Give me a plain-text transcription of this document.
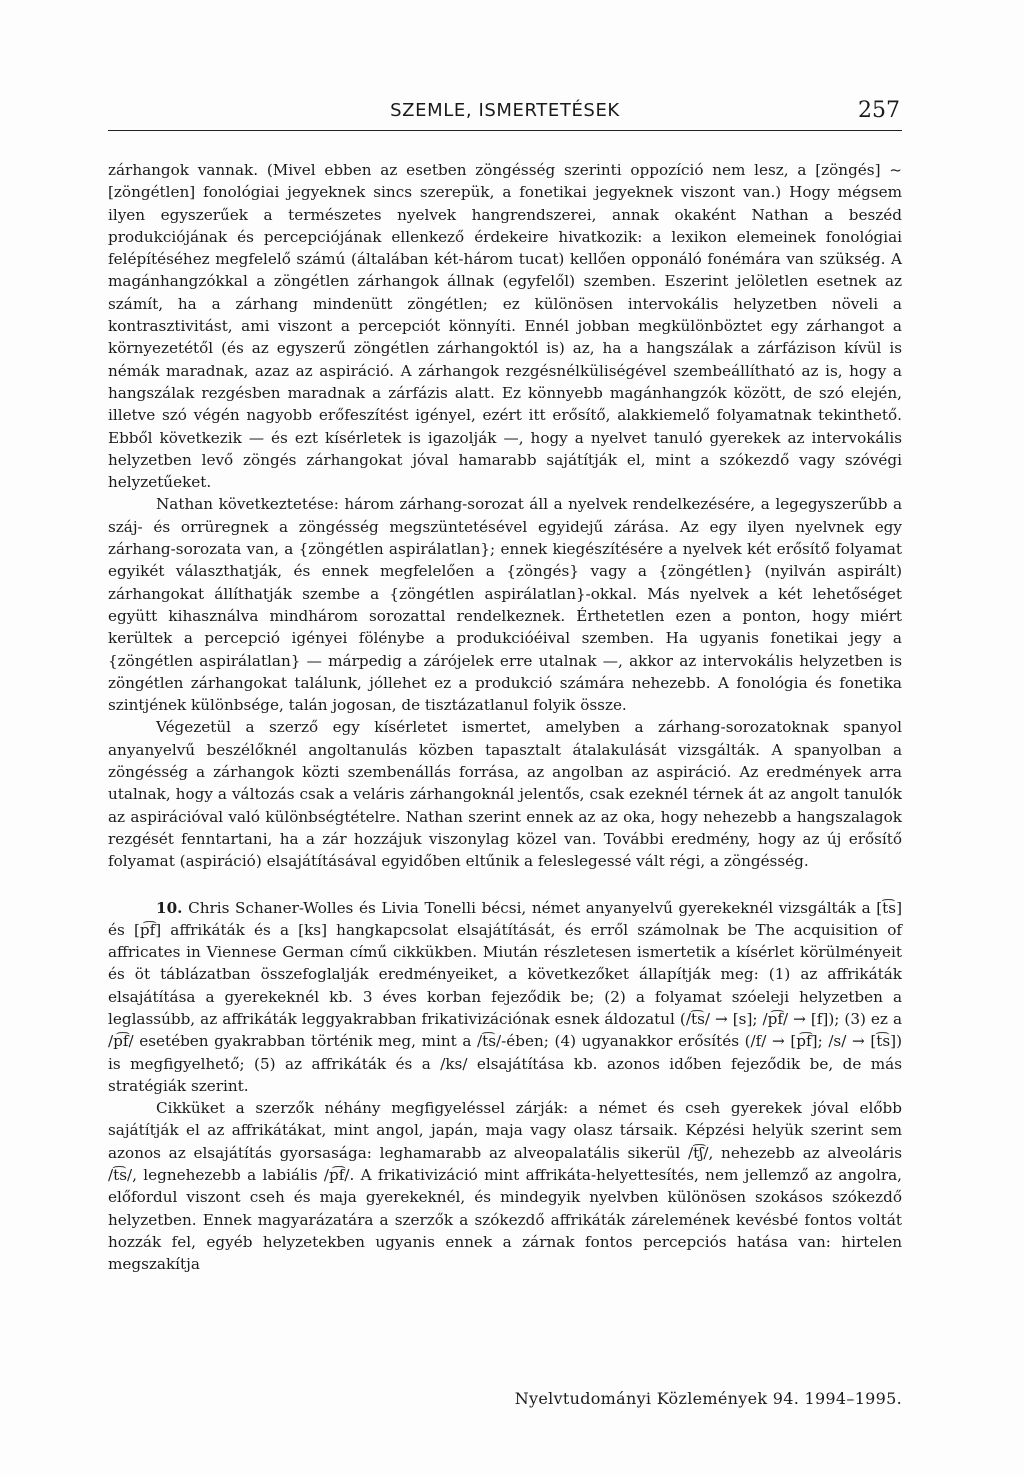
SZEMLE, ISMERTETÉSEK	257

zárhangok vannak. (Mivel ebben az esetben zöngésség szerinti oppozíció nem lesz, a [zöngés] ~ [zöngétlen] fonológiai jegyeknek sincs szerepük, a fonetikai jegyeknek viszont van.) Hogy mégsem ilyen egyszerűek a természetes nyelvek hangrendszerei, annak okaként Nathan a beszéd produkciójának és percepciójának ellenkező érdekeire hivatkozik: a lexikon elemeinek fonológiai felépítéséhez megfelelő számú (általában két-három tucat) kellően opponáló fonémára van szükség. A magánhangzókkal a zöngétlen zárhangok állnak (egyfelől) szemben. Eszerint jelöletlen esetnek az számít, ha a zárhang mindenütt zöngétlen; ez különösen intervokális helyzetben növeli a kontrasztivitást, ami viszont a percepciót könnyíti. Ennél jobban megkülönböztet egy zárhangot a környezetétől (és az egyszerű zöngétlen zárhangoktól is) az, ha a hangszálak a zárfázison kívül is némák maradnak, azaz az aspiráció. A zárhangok rezgésnélküliségével szembeállítható az is, hogy a hangszálak rezgésben maradnak a zárfázis alatt. Ez könnyebb magánhangzók között, de szó elején, illetve szó végén nagyobb erőfeszítést igényel, ezért itt erősítő, alakkiemelő folyamatnak tekinthető. Ebből következik — és ezt kísérletek is igazolják —, hogy a nyelvet tanuló gyerekek az intervokális helyzetben levő zöngés zárhangokat jóval hamarabb sajátítják el, mint a szókezdő vagy szóvégi helyzetűeket.

Nathan következtetése: három zárhang-sorozat áll a nyelvek rendelkezésére, a legegyszerűbb a száj- és orrüregnek a zöngésség megszüntetésével egyidejű zárása. Az egy ilyen nyelvnek egy zárhang-sorozata van, a {zöngétlen aspirálatlan}; ennek kiegészítésére a nyelvek két erősítő folyamat egyikét választhatják, és ennek megfelelően a {zöngés} vagy a {zöngétlen} (nyilván aspirált) zárhangokat állíthatják szembe a {zöngétlen aspirálatlan}-okkal. Más nyelvek a két lehetőséget együtt kihasználva mindhárom sorozattal rendelkeznek. Érthetetlen ezen a ponton, hogy miért kerültek a percepció igényei fölénybe a produkcióéival szemben. Ha ugyanis fonetikai jegy a {zöngétlen aspirálatlan} — márpedig a zárójelek erre utalnak —, akkor az intervokális helyzetben is zöngétlen zárhangokat találunk, jóllehet ez a produkció számára nehezebb. A fonológia és fonetika szintjének különbsége, talán jogosan, de tisztázatlanul folyik össze.

Végezetül a szerző egy kísérletet ismertet, amelyben a zárhang-sorozatoknak spanyol anyanyelvű beszélőknél angoltanulás közben tapasztalt átalakulását vizsgálták. A spanyolban a zöngésség a zárhangok közti szembenállás forrása, az angolban az aspiráció. Az eredmények arra utalnak, hogy a változás csak a veláris zárhangoknál jelentős, csak ezeknél térnek át az angolt tanulók az aspirációval való különbségtételre. Nathan szerint ennek az az oka, hogy nehezebb a hangszalagok rezgését fenntartani, ha a zár hozzájuk viszonylag közel van. További eredmény, hogy az új erősítő folyamat (aspiráció) elsajátításával egyidőben eltűnik a feleslegessé vált régi, a zöngésség.

10. Chris Schaner-Wolles és Livia Tonelli bécsi, német anyanyelvű gyerekeknél vizsgálták a [t͡s] és [p͡f] affrikáták és a [ks] hangkapcsolat elsajátítását, és erről számolnak be The acquisition of affricates in Viennese German című cikkükben. Miután részletesen ismertetik a kísérlet körülményeit és öt táblázatban összefoglalják eredményeiket, a következőket állapítják meg: (1) az affrikáták elsajátítása a gyerekeknél kb. 3 éves korban fejeződik be; (2) a folyamat szóeleji helyzetben a leglassúbb, az affrikáták leggyakrabban frikativizációnak esnek áldozatul (/t͡s/ → [s]; /p͡f/ → [f]); (3) ez a /p͡f/ esetében gyakrabban történik meg, mint a /t͡s/-ében; (4) ugyanakkor erősítés (/f/ → [p͡f]; /s/ → [t͡s]) is megfigyelhető; (5) az affrikáták és a /ks/ elsajátítása kb. azonos időben fejeződik be, de más stratégiák szerint.

Cikküket a szerzők néhány megfigyeléssel zárják: a német és cseh gyerekek jóval előbb sajátítják el az affrikátákat, mint angol, japán, maja vagy olasz társaik. Képzési helyük szerint sem azonos az elsajátítás gyorsasága: leghamarabb az alveopalatális sikerül /t͡ʃ/, nehezebb az alveoláris /t͡s/, legnehezebb a labiális /p͡f/. A frikativizáció mint affrikáta-helyettesítés, nem jellemző az angolra, előfordul viszont cseh és maja gyerekeknél, és mindegyik nyelvben különösen szokásos szókezdő helyzetben. Ennek magyarázatára a szerzők a szókezdő affrikáták zárelemének kevésbé fontos voltát hozzák fel, egyéb helyzetekben ugyanis ennek a zárnak fontos percepciós hatása van: hirtelen megszakítja

Nyelvtudományi Közlemények 94. 1994–1995.
